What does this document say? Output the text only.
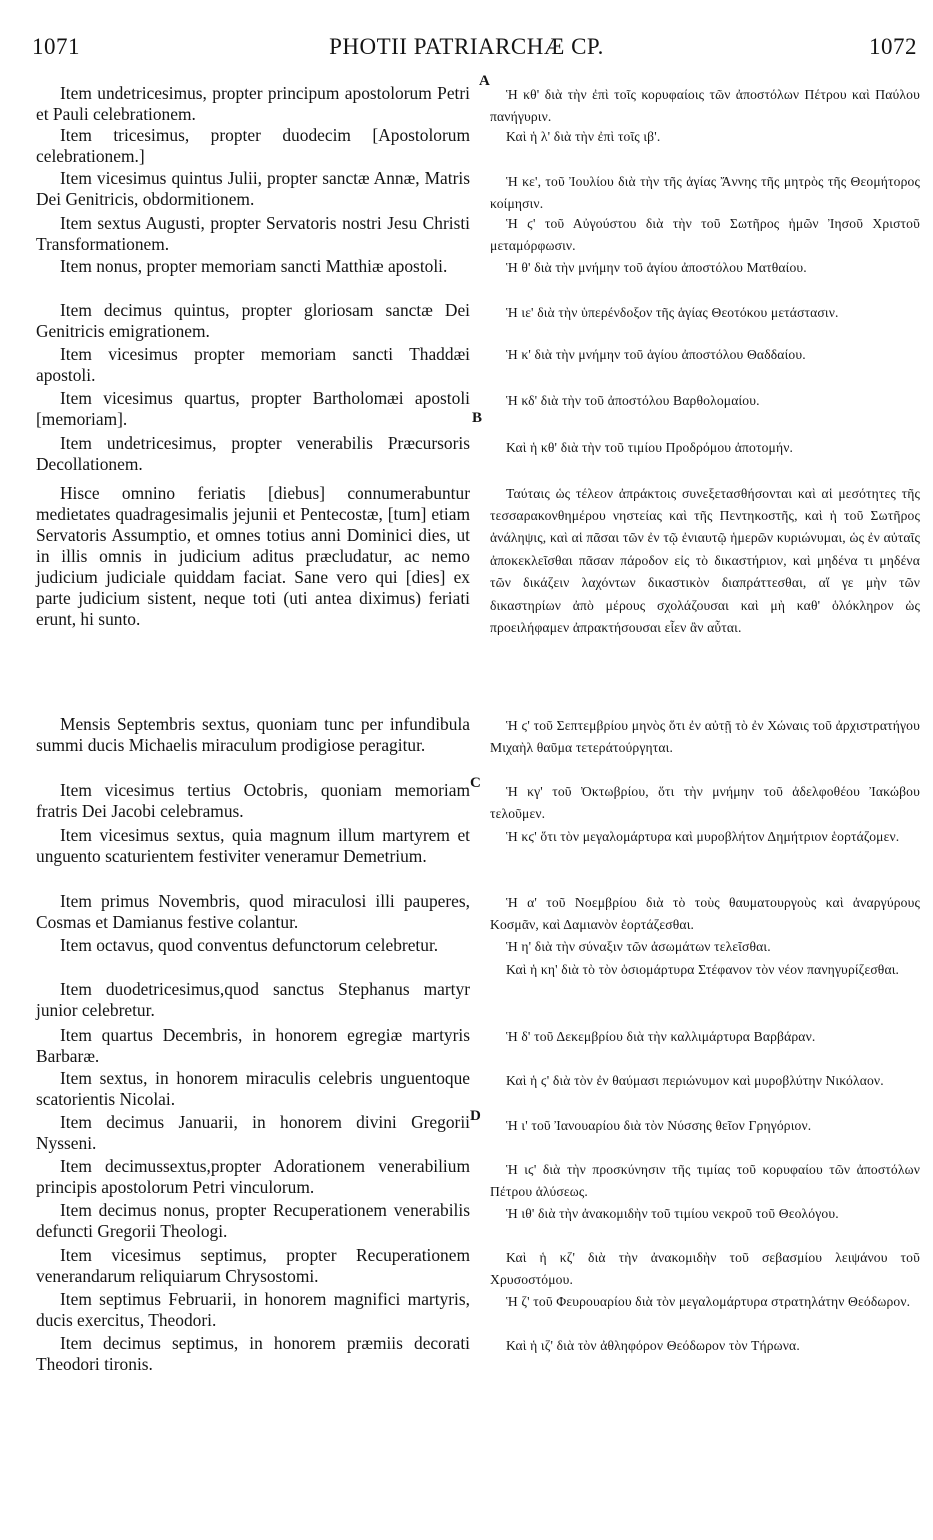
1071	PHOTII PATRIARCHÆ CP.	1072

Item undetricesimus, propter principum apostolorum Petri et Pauli celebrationem.

Item tricesimus, propter duodecim [Apostolorum celebrationem.]

Item vicesimus quintus Julii, propter sanctæ Annæ, Matris Dei Genitricis, obdormitionem.

Item sextus Augusti, propter Servatoris nostri Jesu Christi Transformationem.

Item nonus, propter memoriam sancti Matthiæ apostoli.

Item decimus quintus, propter gloriosam sanctæ Dei Genitricis emigrationem.

Item vicesimus propter memoriam sancti Thaddæi apostoli.

Item vicesimus quartus, propter Bartholomæi apostoli [memoriam].

Item undetricesimus, propter venerabilis Præcursoris Decollationem.

Hisce omnino feriatis [diebus] connumerabuntur medietates quadragesimalis jejunii et Pentecostæ, [tum] etiam Servatoris Assumptio, et omnes totius anni Dominici dies, ut in illis omnis in judicium aditus præcludatur, ac nemo judicium judiciale quiddam faciat. Sane vero qui [dies] ex parte judicium sistent, neque toti (uti antea diximus) feriati erunt, hi sunto.

Mensis Septembris sextus, quoniam tunc per infundibula summi ducis Michaelis miraculum prodigiose peragitur.

Item vicesimus tertius Octobris, quoniam memoriam fratris Dei Jacobi celebramus.

Item vicesimus sextus, quia magnum illum martyrem et unguento scaturientem festiviter veneramur Demetrium.

Item primus Novembris, quod miraculosi illi pauperes, Cosmas et Damianus festive colantur.

Item octavus, quod conventus defunctorum celebretur.

Item duodetricesimus,quod sanctus Stephanus martyr junior celebretur.

Item quartus Decembris, in honorem egregiæ martyris Barbaræ.

Item sextus, in honorem miraculis celebris unguentoque scatorientis Nicolai.

Item decimus Januarii, in honorem divini Gregorii Nysseni.

Item decimussextus,propter Adorationem venerabilium principis apostolorum Petri vinculorum.

Item decimus nonus, propter Recuperationem venerabilis defuncti Gregorii Theologi.

Item vicesimus septimus, propter Recuperationem venerandarum reliquiarum Chrysostomi.

Item septimus Februarii, in honorem magnifici martyris, ducis exercitus, Theodori.

Item decimus septimus, in honorem præmiis decorati Theodori tironis.

A
B
C
D

Ἡ κθ' διὰ τὴν ἐπὶ τοῖς κορυφαίοις τῶν ἀποστόλων Πέτρου καὶ Παύλου πανήγυριν.

Καὶ ἡ λ' διὰ τὴν ἐπὶ τοῖς ιβ'.

Ἡ κε', τοῦ Ἰουλίου διὰ τὴν τῆς ἁγίας Ἄννης τῆς μητρὸς τῆς Θεομήτορος κοίμησιν.

Ἡ ϛ' τοῦ Αὐγούστου διὰ τὴν τοῦ Σωτῆρος ἡμῶν Ἰησοῦ Χριστοῦ μεταμόρφωσιν.

Ἡ θ' διὰ τὴν μνήμην τοῦ ἁγίου ἀποστόλου Ματθαίου.

Ἡ ιε' διὰ τὴν ὑπερένδοξον τῆς ἁγίας Θεοτόκου μετάστασιν.

Ἡ κ' διὰ τὴν μνήμην τοῦ ἁγίου ἀποστόλου Θαδδαίου.

Ἡ κδ' διὰ τὴν τοῦ ἀποστόλου Βαρθολομαίου.

Καὶ ἡ κθ' διὰ τὴν τοῦ τιμίου Προδρόμου ἀποτομήν.

Ταύταις ὡς τέλεον ἀπράκτοις συνεξετασθήσονται καὶ αἱ μεσότητες τῆς τεσσαρακονθημέρου νηστείας καὶ τῆς Πεντηκοστῆς, καὶ ἡ τοῦ Σωτῆρος ἀνάληψις, καὶ αἱ πᾶσαι τῶν ἐν τῷ ἐνιαυτῷ ἡμερῶν κυριώνυμαι, ὡς ἐν αὐταῖς ἀποκεκλεῖσθαι πᾶσαν πάροδον εἰς τὸ δικαστήριον, καὶ μηδένα τι μηδένα τῶν δικάζειν λαχόντων δικαστικὸν διαπράττεσθαι, αἵ γε μὴν τῶν δικαστηρίων ἀπὸ μέρους σχολάζουσαι καὶ μὴ καθ' ὁλόκληρον ὡς προειλήφαμεν ἀπρακτήσουσαι εἶεν ἂν αὗται.

Ἡ ϛ' τοῦ Σεπτεμβρίου μηνὸς ὅτι ἐν αὐτῇ τὸ ἐν Χώναις τοῦ ἀρχιστρατήγου Μιχαὴλ θαῦμα τετεράτούργηται.

Ἡ κγ' τοῦ Ὀκτωβρίου, ὅτι τὴν μνήμην τοῦ ἀδελφοθέου Ἰακώβου τελοῦμεν.

Ἡ κϛ' ὅτι τὸν μεγαλομάρτυρα καὶ μυροβλήτον Δημήτριον ἑορτάζομεν.

Ἡ α' τοῦ Νοεμβρίου διὰ τὸ τοὺς θαυματουργοὺς καὶ ἀναργύρους Κοσμᾶν, καὶ Δαμιανὸν ἑορτάζεσθαι.

Ἡ η' διὰ τὴν σύναξιν τῶν ἀσωμάτων τελεῖσθαι.

Καὶ ἡ κη' διὰ τὸ τὸν ὁσιομάρτυρα Στέφανον τὸν νέον πανηγυρίζεσθαι.

Ἡ δ' τοῦ Δεκεμβρίου διὰ τὴν καλλιμάρτυρα Βαρβάραν.

Καὶ ἡ ϛ' διὰ τὸν ἐν θαύμασι περιώνυμον καὶ μυροβλύτην Νικόλαον.

Ἡ ι' τοῦ Ἰανουαρίου διὰ τὸν Νύσσης θεῖον Γρηγόριον.

Ἡ ιϛ' διὰ τὴν προσκύνησιν τῆς τιμίας τοῦ κορυφαίου τῶν ἀποστόλων Πέτρου ἁλύσεως.

Ἡ ιθ' διὰ τὴν ἀνακομιδὴν τοῦ τιμίου νεκροῦ τοῦ Θεολόγου.

Καὶ ἡ κζ' διὰ τὴν ἀνακομιδὴν τοῦ σεβασμίου λειψάνου τοῦ Χρυσοστόμου.

Ἡ ζ' τοῦ Φευρουαρίου διὰ τὸν μεγαλομάρτυρα στρατηλάτην Θεόδωρον.

Καὶ ἡ ιζ' διὰ τὸν ἀθληφόρον Θεόδωρον τὸν Τήρωνα.
